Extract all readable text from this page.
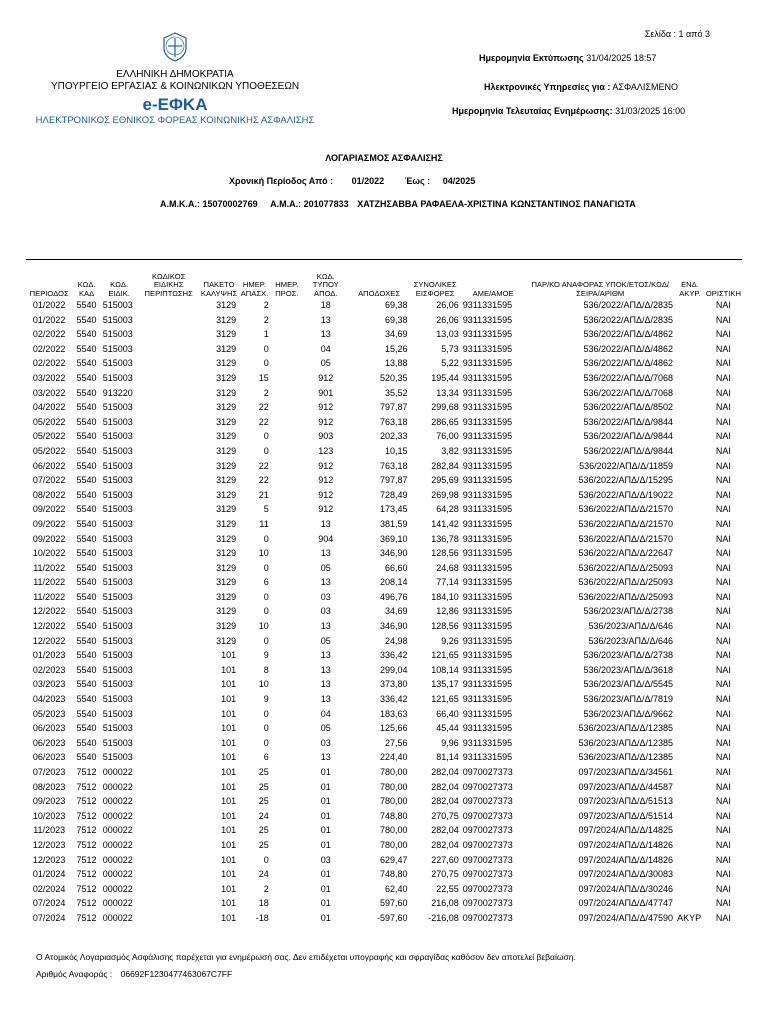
Σελίδα : 1 από 3
Ημερομηνία Εκτύπωσης 31/04/2025 18:57
Ηλεκτρονικές Υπηρεσίες για : ΑΣΦΑΛΙΣΜΕΝΟ
Ημερομηνία Τελευταίας Ενημέρωσης: 31/03/2025 16:00
ΕΛΛΗΝΙΚΗ ΔΗΜΟΚΡΑΤΙΑ
ΥΠΟΥΡΓΕΙΟ ΕΡΓΑΣΙΑΣ & ΚΟΙΝΩΝΙΚΩΝ ΥΠΟΘΕΣΕΩΝ
e-ΕΦΚΑ
ΗΛΕΚΤΡΟΝΙΚΟΣ ΕΘΝΙΚΟΣ ΦΟΡΕΑΣ ΚΟΙΝΩΝΙΚΗΣ ΑΣΦΑΛΙΣΗΣ
ΛΟΓΑΡΙΑΣΜΟΣ ΑΣΦΑΛΙΣΗΣ
Χρονική Περίοδος Από : 01/2022 Έως : 04/2025
Α.Μ.Κ.Α.: 15070002769 Α.Μ.Α.: 201077833 ΧΑΤΖΗΣΑΒΒΑ ΡΑΦΑΕΛΑ-ΧΡΙΣΤΙΝΑ ΚΩΝΣΤΑΝΤΙΝΟΣ ΠΑΝΑΓΙΩΤΑ
ΠΕΡΙΟΔΟΣ	ΚΩΔ. ΚΑΔ	ΚΩΔ. ΕΙΔΙΚ.	ΚΩΔΙΚΟΣ ΕΙΔΙΚΗΣ ΠΕΡΙΠΤΩΣΗΣ	ΠΑΚΕΤΟ ΚΑΛΥΨΗΣ	ΗΜΕΡ. ΑΠΑΣΧ.	ΗΜΕΡ. ΠΡΟΣ.	ΚΩΔ. ΤΥΠΟΥ ΑΠΟΔ.	ΑΠΟΔΟΧΕΣ	ΣΥΝΟΛΙΚΕΣ ΕΙΣΦΟΡΕΣ	ΑΜΕ/ΑΜΟΕ	ΠΑΡ/ΚΟ ΑΝΑΦΟΡΑΣ ΥΠΟΚ/ΕΤΟΣ/ΚΩΔ/ΣΕΙΡΑ/ΑΡΙΘΜ	ΕΝΔ. ΑΚΥΡ.	ΟΡΙΣΤΙΚΗ
01/2022	5540	515003		3129	2		18	69,38	26,06	9311331595	536/2022/ΑΠΔ/Δ/2835		ΝΑΙ
01/2022	5540	515003		3129	2		13	69,38	26,06	9311331595	536/2022/ΑΠΔ/Δ/2835		ΝΑΙ
02/2022	5540	515003		3129	1		13	34,69	13,03	9311331595	536/2022/ΑΠΔ/Δ/4862		ΝΑΙ
02/2022	5540	515003		3129	0		04	15,26	5,73	9311331595	536/2022/ΑΠΔ/Δ/4862		ΝΑΙ
02/2022	5540	515003		3129	0		05	13,88	5,22	9311331595	536/2022/ΑΠΔ/Δ/4862		ΝΑΙ
03/2022	5540	515003		3129	15		912	520,35	195,44	9311331595	536/2022/ΑΠΔ/Δ/7068		ΝΑΙ
03/2022	5540	913220		3129	2		901	35,52	13,34	9311331595	536/2022/ΑΠΔ/Δ/7068		ΝΑΙ
04/2022	5540	515003		3129	22		912	797,87	299,68	9311331595	536/2022/ΑΠΔ/Δ/8502		ΝΑΙ
05/2022	5540	515003		3129	22		912	763,18	286,65	9311331595	536/2022/ΑΠΔ/Δ/9844		ΝΑΙ
05/2022	5540	515003		3129	0		903	202,33	76,00	9311331595	536/2022/ΑΠΔ/Δ/9844		ΝΑΙ
05/2022	5540	515003		3129	0		123	10,15	3,82	9311331595	536/2022/ΑΠΔ/Δ/9844		ΝΑΙ
06/2022	5540	515003		3129	22		912	763,18	282,84	9311331595	536/2022/ΑΠΔ/Δ/11859		ΝΑΙ
07/2022	5540	515003		3129	22		912	797,87	295,69	9311331595	536/2022/ΑΠΔ/Δ/15295		ΝΑΙ
08/2022	5540	515003		3129	21		912	728,49	269,98	9311331595	536/2022/ΑΠΔ/Δ/19022		ΝΑΙ
09/2022	5540	515003		3129	5		912	173,45	64,28	9311331595	536/2022/ΑΠΔ/Δ/21570		ΝΑΙ
09/2022	5540	515003		3129	11		13	381,59	141,42	9311331595	536/2022/ΑΠΔ/Δ/21570		ΝΑΙ
09/2022	5540	515003		3129	0		904	369,10	136,78	9311331595	536/2022/ΑΠΔ/Δ/21570		ΝΑΙ
10/2022	5540	515003		3129	10		13	346,90	128,56	9311331595	536/2022/ΑΠΔ/Δ/22647		ΝΑΙ
11/2022	5540	515003		3129	0		05	66,60	24,68	9311331595	536/2022/ΑΠΔ/Δ/25093		ΝΑΙ
11/2022	5540	515003		3129	6		13	208,14	77,14	9311331595	536/2022/ΑΠΔ/Δ/25093		ΝΑΙ
11/2022	5540	515003		3129	0		03	496,76	184,10	9311331595	536/2022/ΑΠΔ/Δ/25093		ΝΑΙ
12/2022	5540	515003		3129	0		03	34,69	12,86	9311331595	536/2023/ΑΠΔ/Δ/2738		ΝΑΙ
12/2022	5540	515003		3129	10		13	346,90	128,56	9311331595	536/2023/ΑΠΔ/Δ/646		ΝΑΙ
12/2022	5540	515003		3129	0		05	24,98	9,26	9311331595	536/2023/ΑΠΔ/Δ/646		ΝΑΙ
01/2023	5540	515003		101	9		13	336,42	121,65	9311331595	536/2023/ΑΠΔ/Δ/2738		ΝΑΙ
02/2023	5540	515003		101	8		13	299,04	108,14	9311331595	536/2023/ΑΠΔ/Δ/3618		ΝΑΙ
03/2023	5540	515003		101	10		13	373,80	135,17	9311331595	536/2023/ΑΠΔ/Δ/5545		ΝΑΙ
04/2023	5540	515003		101	9		13	336,42	121,65	9311331595	536/2023/ΑΠΔ/Δ/7819		ΝΑΙ
05/2023	5540	515003		101	0		04	183,63	66,40	9311331595	536/2023/ΑΠΔ/Δ/9662		ΝΑΙ
06/2023	5540	515003		101	0		05	125,66	45,44	9311331595	536/2023/ΑΠΔ/Δ/12385		ΝΑΙ
06/2023	5540	515003		101	0		03	27,56	9,96	9311331595	536/2023/ΑΠΔ/Δ/12385		ΝΑΙ
06/2023	5540	515003		101	6		13	224,40	81,14	9311331595	536/2023/ΑΠΔ/Δ/12385		ΝΑΙ
07/2023	7512	000022		101	25		01	780,00	282,04	0970027373	097/2023/ΑΠΔ/Δ/34561		ΝΑΙ
08/2023	7512	000022		101	25		01	780,00	282,04	0970027373	097/2023/ΑΠΔ/Δ/44587		ΝΑΙ
09/2023	7512	000022		101	25		01	780,00	282,04	0970027373	097/2023/ΑΠΔ/Δ/51513		ΝΑΙ
10/2023	7512	000022		101	24		01	748,80	270,75	0970027373	097/2023/ΑΠΔ/Δ/51514		ΝΑΙ
11/2023	7512	000022		101	25		01	780,00	282,04	0970027373	097/2024/ΑΠΔ/Δ/14825		ΝΑΙ
12/2023	7512	000022		101	25		01	780,00	282,04	0970027373	097/2024/ΑΠΔ/Δ/14826		ΝΑΙ
12/2023	7512	000022		101	0		03	629,47	227,60	0970027373	097/2024/ΑΠΔ/Δ/14826		ΝΑΙ
01/2024	7512	000022		101	24		01	748,80	270,75	0970027373	097/2024/ΑΠΔ/Δ/30083		ΝΑΙ
02/2024	7512	000022		101	2		01	62,40	22,55	0970027373	097/2024/ΑΠΔ/Δ/30246		ΝΑΙ
07/2024	7512	000022		101	18		01	597,60	216,08	0970027373	097/2024/ΑΠΔ/Δ/47747		ΝΑΙ
07/2024	7512	000022		101	-18		01	-597,60	-216,08	0970027373	097/2024/ΑΠΔ/Δ/47590	ΑΚΥΡ	ΝΑΙ
Ο Ατομικός Λογαριασμός Ασφάλισης παρέχεται για ενημέρωσή σας. Δεν επιδέχεται υπογραφής και σφραγίδας καθόσον δεν αποτελεί βεβαίωση.
Αριθμός Αναφοράς : 06692F1230477463067C7FF
